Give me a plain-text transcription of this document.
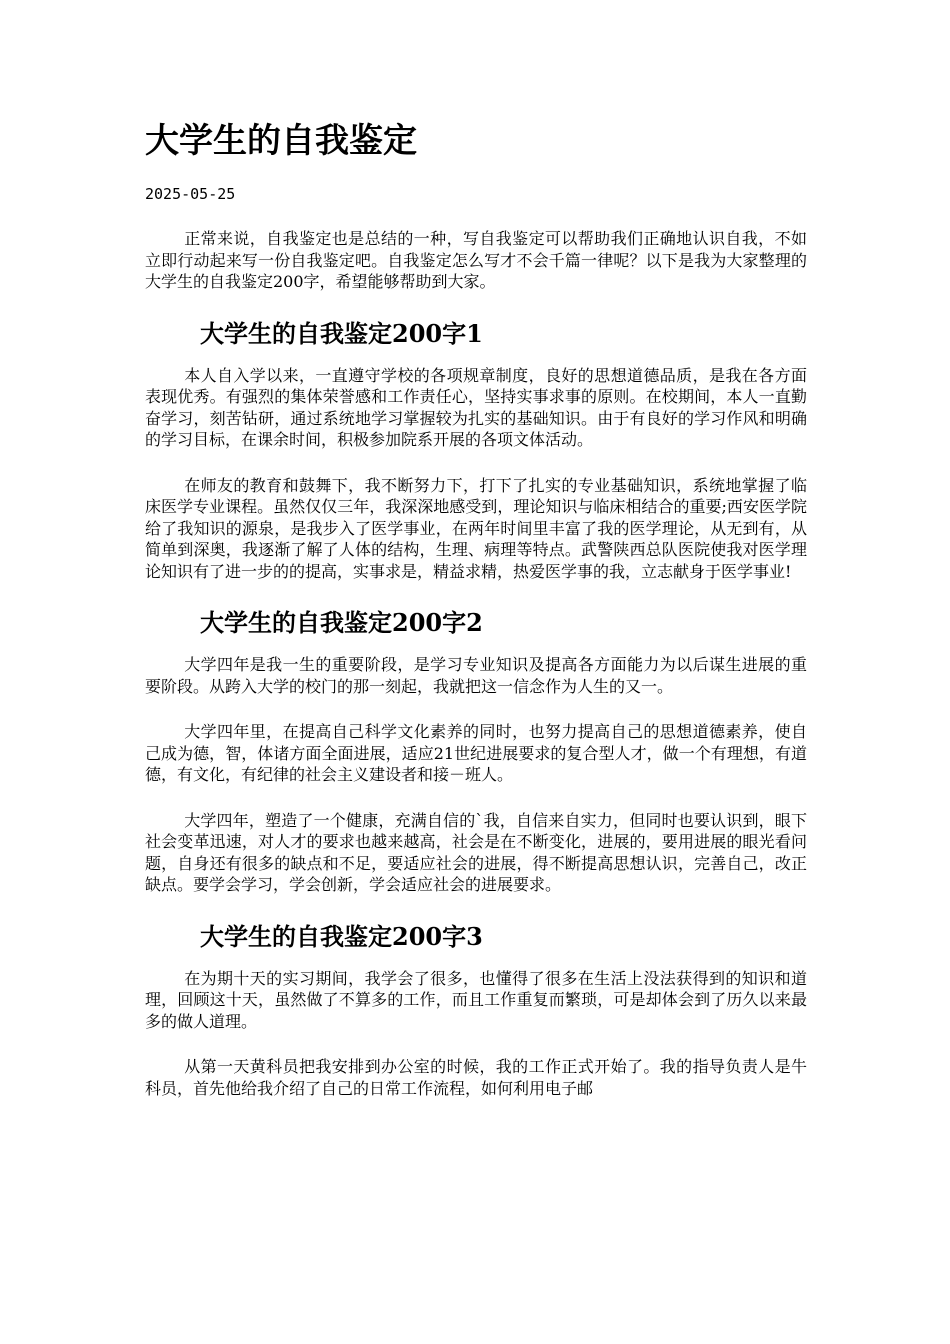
大学生的自我鉴定

2025-05-25

正常来说，自我鉴定也是总结的一种，写自我鉴定可以帮助我们正确地认识自我，不如立即行动起来写一份自我鉴定吧。自我鉴定怎么写才不会千篇一律呢？以下是我为大家整理的大学生的自我鉴定200字，希望能够帮助到大家。

大学生的自我鉴定200字1

本人自入学以来，一直遵守学校的各项规章制度，良好的思想道德品质，是我在各方面表现优秀。有强烈的集体荣誉感和工作责任心，坚持实事求事的原则。在校期间，本人一直勤奋学习，刻苦钻研，通过系统地学习掌握较为扎实的基础知识。由于有良好的学习作风和明确的学习目标，在课余时间，积极参加院系开展的各项文体活动。

在师友的教育和鼓舞下，我不断努力下，打下了扎实的专业基础知识，系统地掌握了临床医学专业课程。虽然仅仅三年，我深深地感受到，理论知识与临床相结合的重要;西安医学院给了我知识的源泉，是我步入了医学事业，在两年时间里丰富了我的医学理论，从无到有，从简单到深奥，我逐渐了解了人体的结构，生理、病理等特点。武警陕西总队医院使我对医学理论知识有了进一步的的提高，实事求是，精益求精，热爱医学事的我，立志献身于医学事业!

大学生的自我鉴定200字2

大学四年是我一生的重要阶段，是学习专业知识及提高各方面能力为以后谋生进展的重要阶段。从跨入大学的校门的那一刻起，我就把这一信念作为人生的又一。

大学四年里，在提高自己科学文化素养的同时，也努力提高自己的思想道德素养，使自己成为德，智，体诸方面全面进展，适应21世纪进展要求的复合型人才，做一个有理想，有道德，有文化，有纪律的社会主义建设者和接－班人。

大学四年，塑造了一个健康，充满自信的`我，自信来自实力，但同时也要认识到，眼下社会变革迅速，对人才的要求也越来越高，社会是在不断变化，进展的，要用进展的眼光看问题，自身还有很多的缺点和不足，要适应社会的进展，得不断提高思想认识，完善自己，改正缺点。要学会学习，学会创新，学会适应社会的进展要求。

大学生的自我鉴定200字3

在为期十天的实习期间，我学会了很多，也懂得了很多在生活上没法获得到的知识和道理，回顾这十天，虽然做了不算多的工作，而且工作重复而繁琐，可是却体会到了历久以来最多的做人道理。

从第一天黄科员把我安排到办公室的时候，我的工作正式开始了。我的指导负责人是牛科员，首先他给我介绍了自己的日常工作流程，如何利用电子邮
